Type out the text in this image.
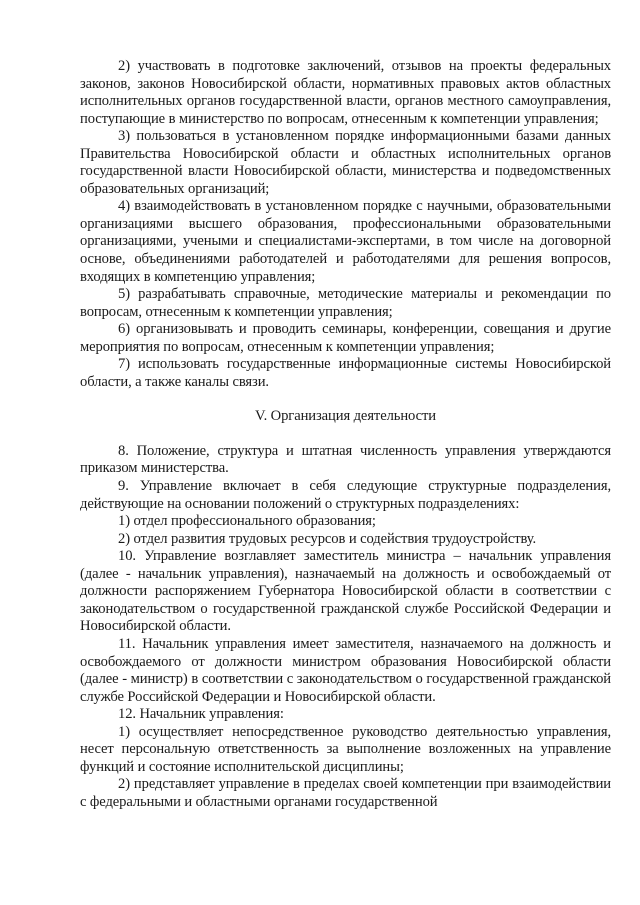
2) участвовать в подготовке заключений, отзывов на проекты федеральных законов, законов Новосибирской области, нормативных правовых актов областных исполнительных органов государственной власти, органов местного самоуправления, поступающие в министерство по вопросам, отнесенным к компетенции управления;

3) пользоваться в установленном порядке информационными базами данных Правительства Новосибирской области и областных исполнительных органов государственной власти Новосибирской области, министерства и подведомственных образовательных организаций;

4) взаимодействовать в установленном порядке с научными, образовательными организациями высшего образования, профессиональными образовательными организациями, учеными и специалистами-экспертами, в том числе на договорной основе, объединениями работодателей и работодателями для решения вопросов, входящих в компетенцию управления;

5) разрабатывать справочные, методические материалы и рекомендации по вопросам, отнесенным к компетенции управления;

6) организовывать и проводить семинары, конференции, совещания и другие мероприятия по вопросам, отнесенным к компетенции управления;

7) использовать государственные информационные системы Новосибирской области, а также каналы связи.

V. Организация деятельности

8. Положение, структура и штатная численность управления утверждаются приказом министерства.

9. Управление включает в себя следующие структурные подразделения, действующие на основании положений о структурных подразделениях:

1) отдел профессионального образования;

2) отдел развития трудовых ресурсов и содействия трудоустройству.

10. Управление возглавляет заместитель министра – начальник управления (далее - начальник управления), назначаемый на должность и освобождаемый от должности распоряжением Губернатора Новосибирской области в соответствии с законодательством о государственной гражданской службе Российской Федерации и Новосибирской области.

11. Начальник управления имеет заместителя, назначаемого на должность и освобождаемого от должности министром образования Новосибирской области (далее - министр) в соответствии с законодательством о государственной гражданской службе Российской Федерации и Новосибирской области.

12. Начальник управления:

1) осуществляет непосредственное руководство деятельностью управления, несет персональную ответственность за выполнение возложенных на управление функций и состояние исполнительской дисциплины;

2) представляет управление в пределах своей компетенции при взаимодействии с федеральными и областными органами государственной
